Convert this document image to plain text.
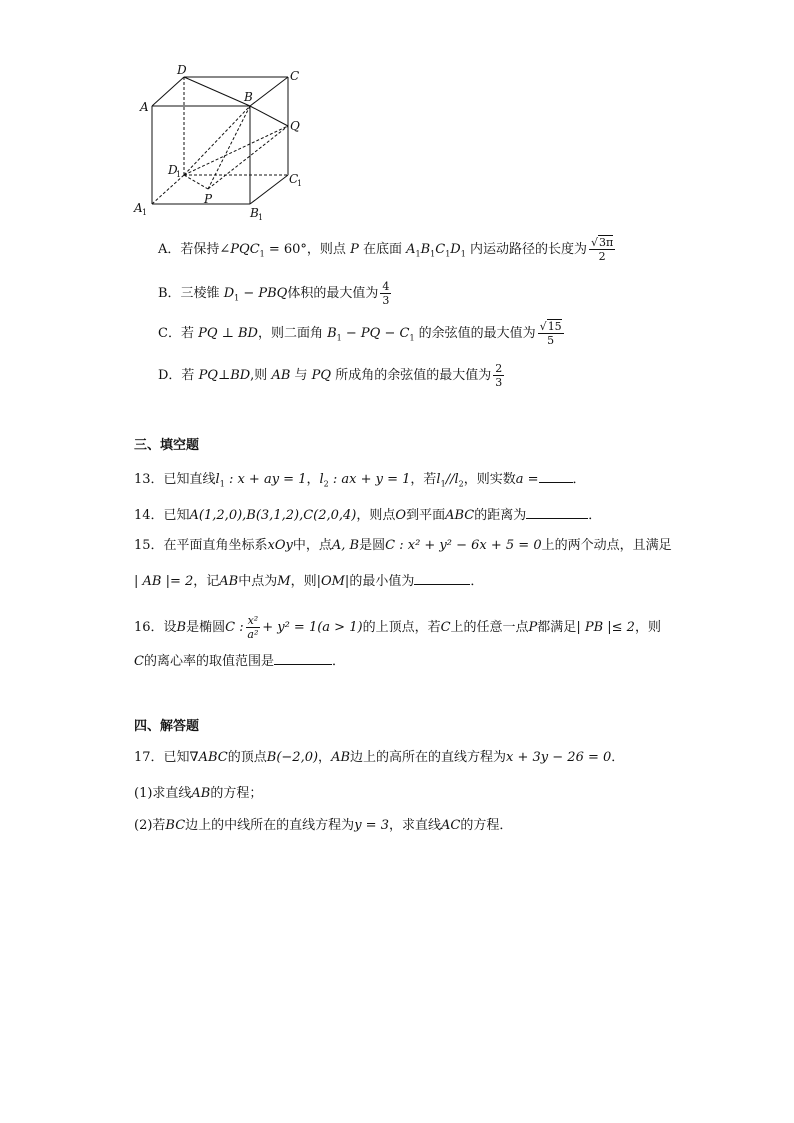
D	C
A
B
Q
D
1	C
1
A 1	B 1
P
A．若保持$\angle PQC_1 = 60^\circ$，则点 P 在底面 $A_1B_1C_1D_1$ 内运动路径的长度为 $\frac{√3\pi}{2}$
B．三棱锥 $D_1$ − PBQ体积的最大值为 $\frac{4}{3}$
C．若 PQ ⊥ BD，则二面角 $B_1$ − PQ − $C_1$ 的余弦值的最大值为 $\frac{√15}{5}$
D．若 PQ⊥BD,则 AB 与 PQ 所成角的余弦值的最大值为 $\frac{2}{3}$
三、填空题
13．已知直线$l_1$ : x + ay = 1，$l_2$ : ax + y = 1，若$l_1//l_2$，则实数a =	．
14．已知A(1,2,0),B(3,1,2),C(2,0,4)，则点O到平面ABC的距离为	．
15．在平面直角坐标系xOy中，点A, B是圆C : x² + y² − 6x + 5 = 0上的两个动点，且满足
| AB |= 2，记AB中点为M，则|OM|的最小值为	．
16．设B是椭圆C : $\frac{\text{x²}}{\text{a²}} + y^2 = 1(a > 1)$的上顶点，若C上的任意一点P都满足| PB |≤ 2，则
C的离心率的取值范围是	．
四、解答题
17．已知∇ABC的顶点B(−2,0)，AB边上的高所在的直线方程为x + 3y − 26 = 0．
(1)求直线AB的方程；
(2)若BC边上的中线所在的直线方程为y = 3，求直线AC的方程．
